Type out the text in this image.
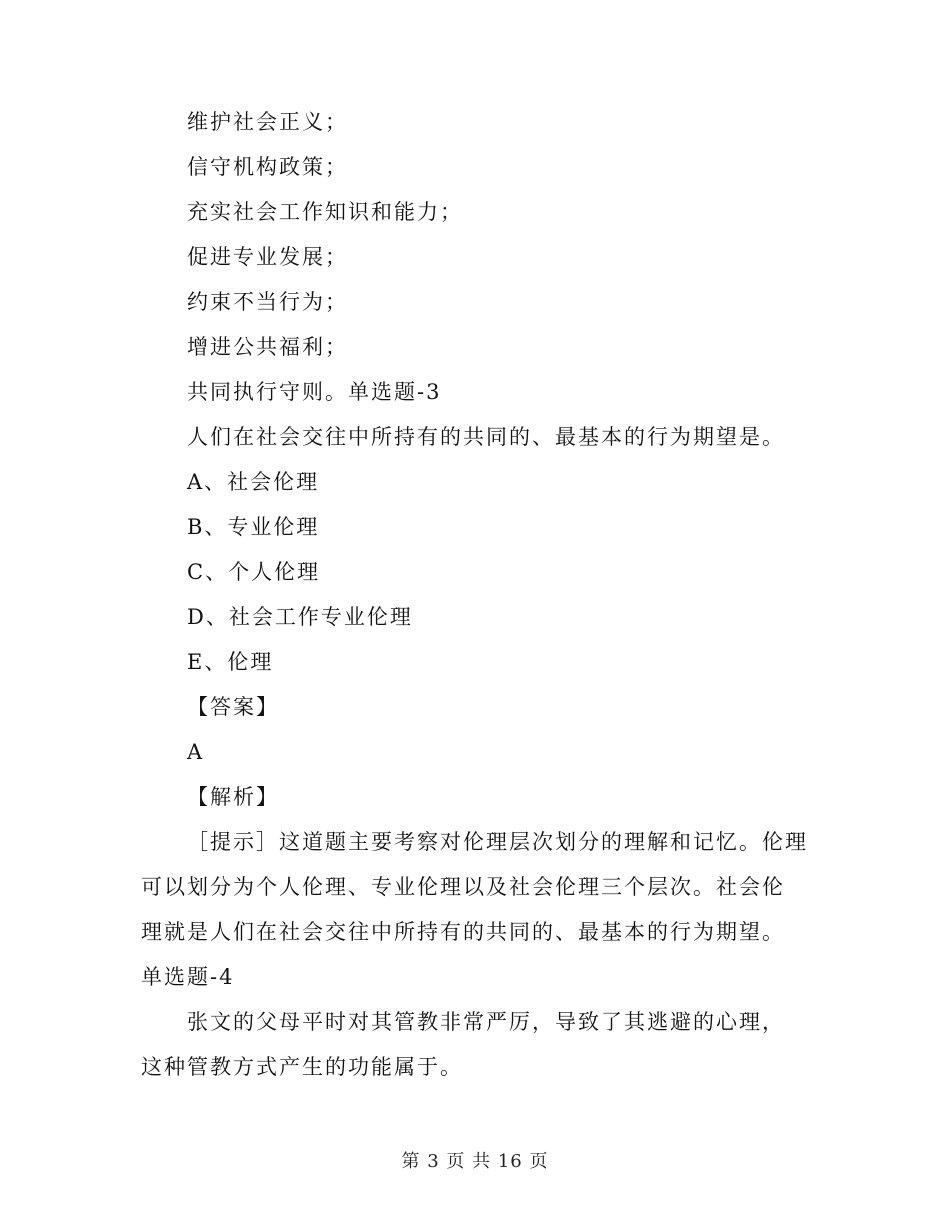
维护社会正义；
信守机构政策；
充实社会工作知识和能力；
促进专业发展；
约束不当行为；
增进公共福利；
共同执行守则。单选题-3
人们在社会交往中所持有的共同的、最基本的行为期望是。
A、社会伦理
B、专业伦理
C、个人伦理
D、社会工作专业伦理
E、伦理
【答案】
A
【解析】
［提示］这道题主要考察对伦理层次划分的理解和记忆。伦理
可以划分为个人伦理、专业伦理以及社会伦理三个层次。社会伦
理就是人们在社会交往中所持有的共同的、最基本的行为期望。
单选题-4
张文的父母平时对其管教非常严厉，导致了其逃避的心理，
这种管教方式产生的功能属于。
第 3 页 共 16 页
